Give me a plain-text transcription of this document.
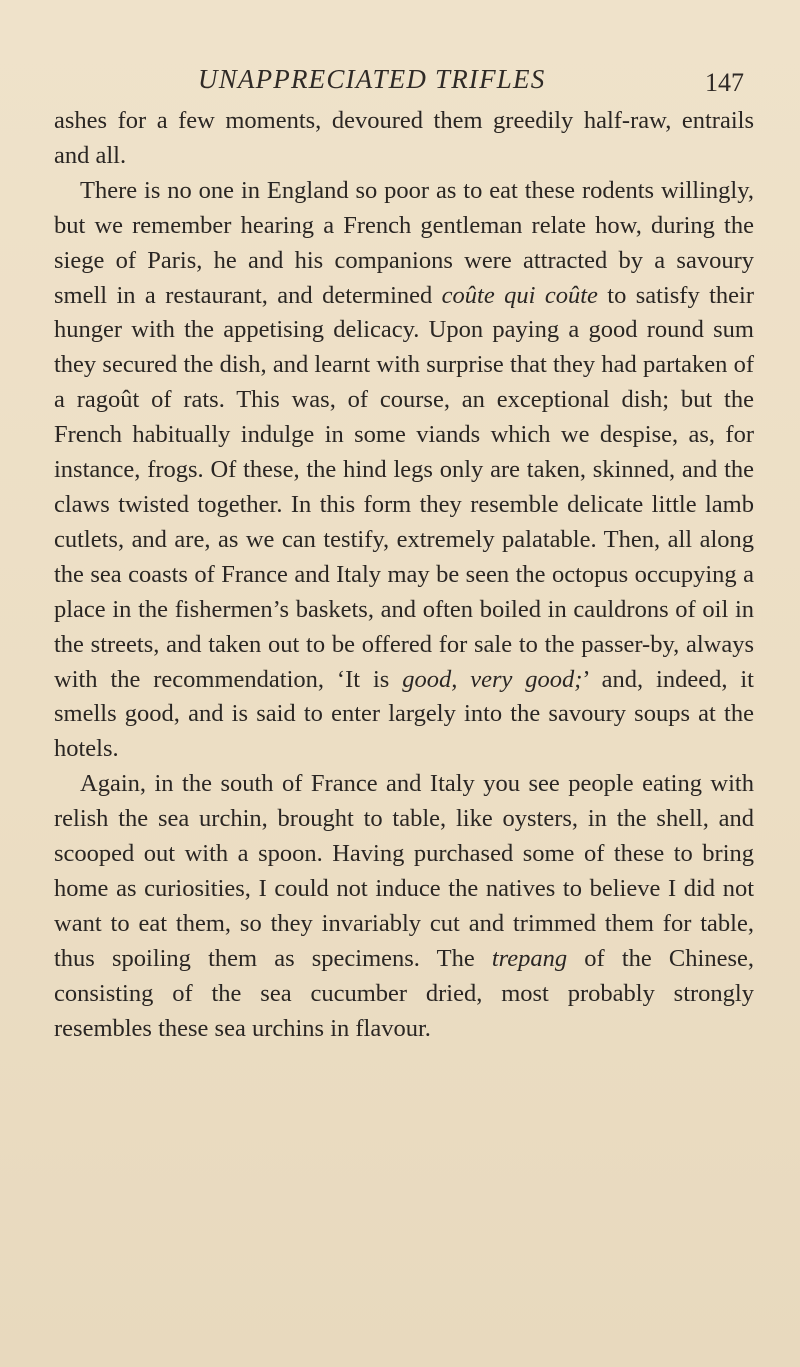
UNAPPRECIATED TRIFLES	147

ashes for a few moments, devoured them greedily half-raw, entrails and all.

There is no one in England so poor as to eat these rodents willingly, but we remember hearing a French gentleman relate how, during the siege of Paris, he and his companions were attracted by a savoury smell in a restaurant, and determined coûte qui coûte to satisfy their hunger with the appetising delicacy. Upon paying a good round sum they secured the dish, and learnt with surprise that they had partaken of a ragoût of rats. This was, of course, an exceptional dish; but the French habitually indulge in some viands which we despise, as, for instance, frogs. Of these, the hind legs only are taken, skinned, and the claws twisted together. In this form they resemble delicate little lamb cutlets, and are, as we can testify, extremely palatable. Then, all along the sea coasts of France and Italy may be seen the octopus occupying a place in the fishermen’s baskets, and often boiled in cauldrons of oil in the streets, and taken out to be offered for sale to the passer-by, always with the recommendation, ‘It is good, very good;’ and, indeed, it smells good, and is said to enter largely into the savoury soups at the hotels.

Again, in the south of France and Italy you see people eating with relish the sea urchin, brought to table, like oysters, in the shell, and scooped out with a spoon. Having purchased some of these to bring home as curiosities, I could not induce the natives to believe I did not want to eat them, so they invariably cut and trimmed them for table, thus spoiling them as specimens. The trepang of the Chinese, consisting of the sea cucumber dried, most probably strongly resembles these sea urchins in flavour.
